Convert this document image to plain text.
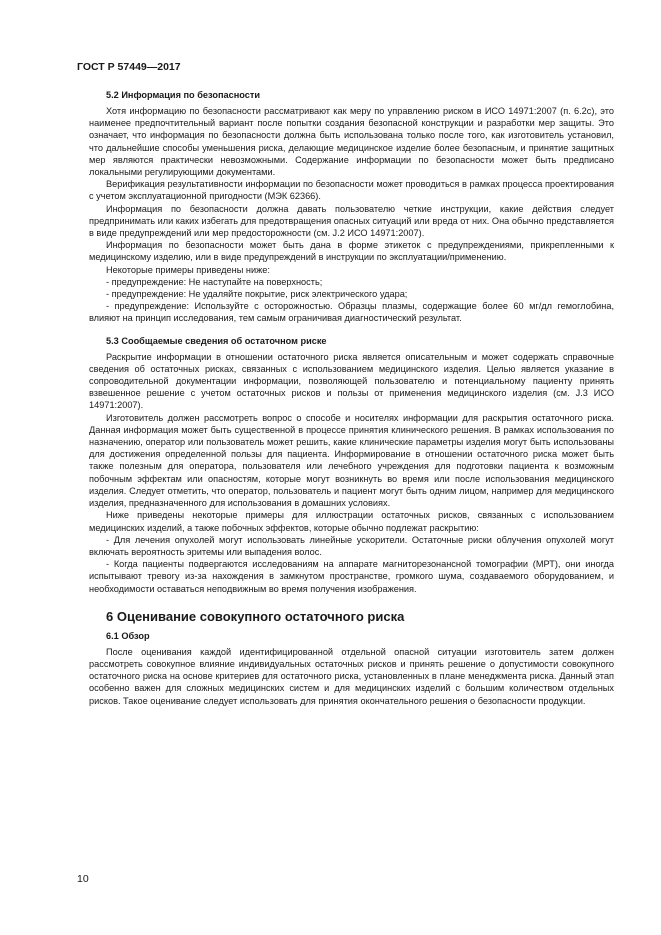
ГОСТ Р 57449—2017
5.2 Информация по безопасности

Хотя информацию по безопасности рассматривают как меру по управлению риском в ИСО 14971:2007 (п. 6.2с), это наименее предпочтительный вариант после попытки создания безопасной конструкции и разработки мер защиты. Это означает, что информация по безопасности должна быть использована только после того, как изготовитель установил, что дальнейшие способы уменьшения риска, делающие медицинское изделие более безопасным, и принятие защитных мер являются практически невозможными. Содержание информации по безопасности может быть предписано локальными регулирующими документами.

Верификация результативности информации по безопасности может проводиться в рамках процесса проектирования с учетом эксплуатационной пригодности (МЭК 62366).

Информация по безопасности должна давать пользователю четкие инструкции, какие действия следует предпринимать или каких избегать для предотвращения опасных ситуаций или вреда от них. Она обычно представляется в виде предупреждений или мер предосторожности (см. J.2 ИСО 14971:2007).

Информация по безопасности может быть дана в форме этикеток с предупреждениями, прикрепленными к медицинскому изделию, или в виде предупреждений в инструкции по эксплуатации/применению.

Некоторые примеры приведены ниже:

- предупреждение: Не наступайте на поверхность;

- предупреждение: Не удаляйте покрытие, риск электрического удара;

- предупреждение: Используйте с осторожностью. Образцы плазмы, содержащие более 60 мг/дл гемоглобина, влияют на принцип исследования, тем самым ограничивая диагностический результат.

5.3 Сообщаемые сведения об остаточном риске

Раскрытие информации в отношении остаточного риска является описательным и может содержать справочные сведения об остаточных рисках, связанных с использованием медицинского изделия. Целью является указание в сопроводительной документации информации, позволяющей пользователю и потенциальному пациенту принять взвешенное решение с учетом остаточных рисков и пользы от применения медицинского изделия (см. J.3 ИСО 14971:2007).

Изготовитель должен рассмотреть вопрос о способе и носителях информации для раскрытия остаточного риска. Данная информация может быть существенной в процессе принятия клинического решения. В рамках использования по назначению, оператор или пользователь может решить, какие клинические параметры изделия могут быть использованы для достижения определенной пользы для пациента. Информирование в отношении остаточного риска может быть также полезным для оператора, пользователя или лечебного учреждения для подготовки пациента к возможным побочным эффектам или опасностям, которые могут возникнуть во время или после использования медицинского изделия. Следует отметить, что оператор, пользователь и пациент могут быть одним лицом, например для медицинского изделия, предназначенного для использования в домашних условиях.

Ниже приведены некоторые примеры для иллюстрации остаточных рисков, связанных с использованием медицинских изделий, а также побочных эффектов, которые обычно подлежат раскрытию:

- Для лечения опухолей могут использовать линейные ускорители. Остаточные риски облучения опухолей могут включать вероятность эритемы или выпадения волос.

- Когда пациенты подвергаются исследованиям на аппарате магниторезонансной томографии (МРТ), они иногда испытывают тревогу из-за нахождения в замкнутом пространстве, громкого шума, создаваемого оборудованием, и необходимости оставаться неподвижным во время получения изображения.

6 Оценивание совокупного остаточного риска
6.1 Обзор

После оценивания каждой идентифицированной отдельной опасной ситуации изготовитель затем должен рассмотреть совокупное влияние индивидуальных остаточных рисков и принять решение о допустимости совокупного остаточного риска на основе критериев для остаточного риска, установленных в плане менеджмента риска. Данный этап особенно важен для сложных медицинских систем и для медицинских изделий с большим количеством отдельных рисков. Такое оценивание следует использовать для принятия окончательного решения о безопасности продукции.

10
